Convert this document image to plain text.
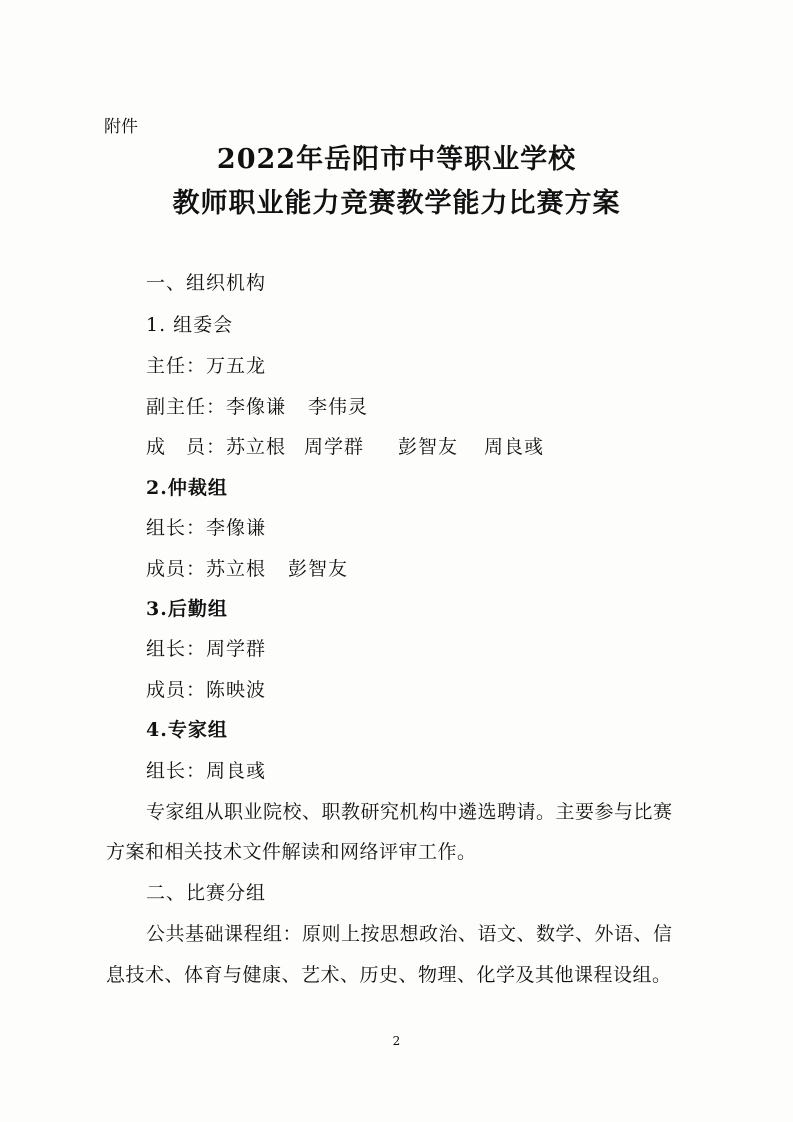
附件
2022年岳阳市中等职业学校
教师职业能力竞赛教学能力比赛方案
一、组织机构
1. 组委会
主任：万五龙
副主任：李像谦 李伟灵
成　员：苏立根 周学群 彭智友 周良彧
2.仲裁组
组长：李像谦
成员：苏立根 彭智友
3.后勤组
组长：周学群
成员：陈映波
4.专家组
组长：周良彧
专家组从职业院校、职教研究机构中遴选聘请。主要参与比赛
方案和相关技术文件解读和网络评审工作。
二、比赛分组
公共基础课程组：原则上按思想政治、语文、数学、外语、信
息技术、体育与健康、艺术、历史、物理、化学及其他课程设组。
2
